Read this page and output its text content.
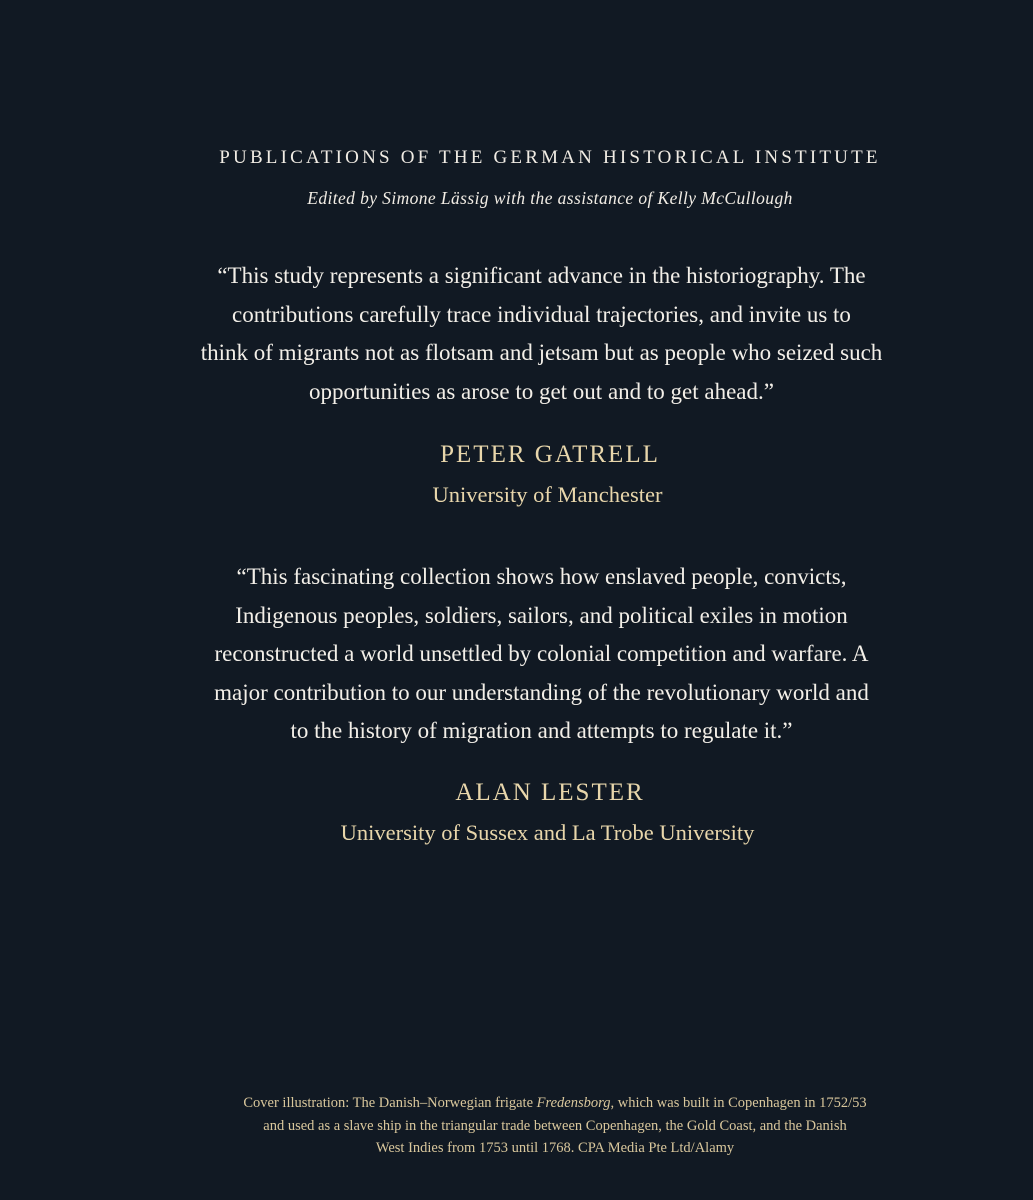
PUBLICATIONS OF THE GERMAN HISTORICAL INSTITUTE
Edited by Simone Lässig with the assistance of Kelly McCullough
“This study represents a significant advance in the historiography. The
contributions carefully trace individual trajectories, and invite us to
think of migrants not as flotsam and jetsam but as people who seized such
opportunities as arose to get out and to get ahead.”
PETER GATRELL
University of Manchester
“This fascinating collection shows how enslaved people, convicts,
Indigenous peoples, soldiers, sailors, and political exiles in motion
reconstructed a world unsettled by colonial competition and warfare. A
major contribution to our understanding of the revolutionary world and
to the history of migration and attempts to regulate it.”
ALAN LESTER
University of Sussex and La Trobe University
Cover illustration: The Danish–Norwegian frigate Fredensborg, which was built in Copenhagen in 1752/53
and used as a slave ship in the triangular trade between Copenhagen, the Gold Coast, and the Danish
West Indies from 1753 until 1768. CPA Media Pte Ltd/Alamy
